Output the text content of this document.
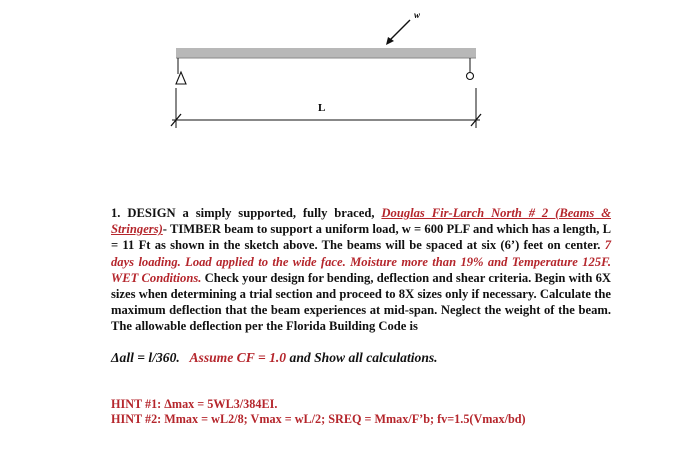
w
L

1. DESIGN a simply supported, fully braced, Douglas Fir-Larch North # 2 (Beams & Stringers)- TIMBER beam to support a uniform load, w = 600 PLF and which has a length, L = 11 Ft as shown in the sketch above. The beams will be spaced at six (6’) feet on center. 7 days loading. Load applied to the wide face. Moisture more than 19% and Temperature 125F. WET Conditions. Check your design for bending, deflection and shear criteria. Begin with 6X sizes when determining a trial section and proceed to 8X sizes only if necessary. Calculate the maximum deflection that the beam experiences at mid-span. Neglect the weight of the beam. The allowable deflection per the Florida Building Code is

Δall = l/360. Assume CF = 1.0 and Show all calculations.

HINT #1: Δmax = 5WL3/384EI.
HINT #2: Mmax = wL2/8; Vmax = wL/2; SREQ = Mmax/F’b; fv=1.5(Vmax/bd)
